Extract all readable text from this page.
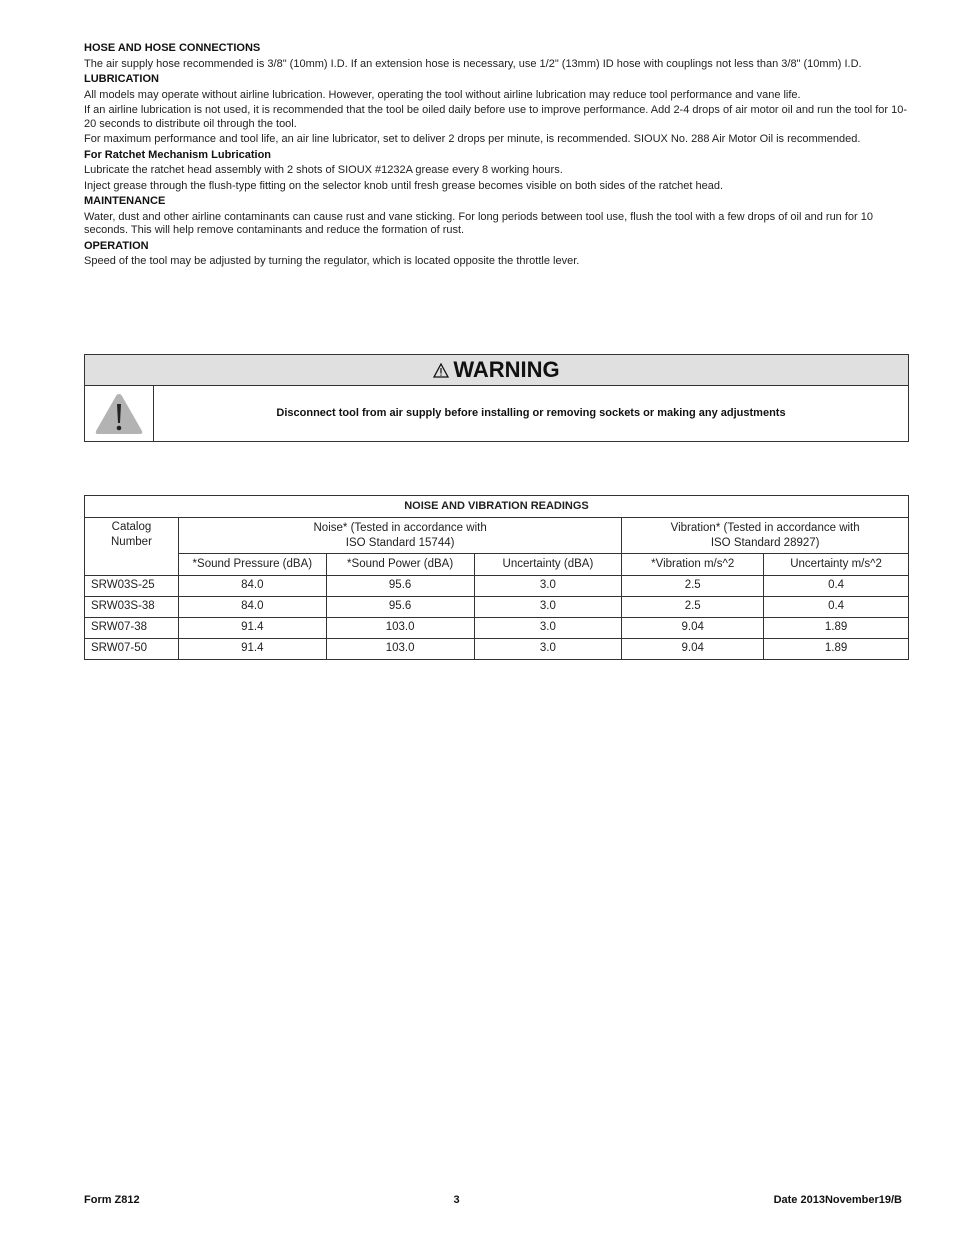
HOSE AND HOSE CONNECTIONS

The air supply hose recommended is 3/8" (10mm) I.D. If an extension hose is necessary, use 1/2" (13mm) ID hose with couplings not less than 3/8" (10mm) I.D.

LUBRICATION

All models may operate without airline lubrication. However, operating the tool without airline lubrication may reduce tool performance and vane life.

If an airline lubrication is not used, it is recommended that the tool be oiled daily before use to improve performance. Add 2-4 drops of air motor oil and run the tool for 10-20 seconds to distribute oil through the tool.

For maximum performance and tool life, an air line lubricator, set to deliver 2 drops per minute, is recommended. SIOUX No. 288 Air Motor Oil is recommended.

For Ratchet Mechanism Lubrication

Lubricate the ratchet head assembly with 2 shots of SIOUX #1232A grease every 8 working hours.

Inject grease through the flush-type fitting on the selector knob until fresh grease becomes visible on both sides of the ratchet head.

MAINTENANCE

Water, dust and other airline contaminants can cause rust and vane sticking. For long periods between tool use, flush the tool with a few drops of oil and run for 10 seconds. This will help remove contaminants and reduce the formation of rust.

OPERATION

Speed of the tool may be adjusted by turning the regulator, which is located opposite the throttle lever.

WARNING
Disconnect tool from air supply before installing or removing sockets or making any adjustments
NOISE AND VIBRATION READINGS					
Catalog
Number	Noise* (Tested in accordance with
ISO Standard 15744)			Vibration* (Tested in accordance with
ISO Standard 28927)	
	*Sound Pressure (dBA)	*Sound Power (dBA)	Uncertainty (dBA)	*Vibration m/s^2	Uncertainty m/s^2
SRW03S-25	84.0	95.6	3.0	2.5	0.4
SRW03S-38	84.0	95.6	3.0	2.5	0.4
SRW07-38	91.4	103.0	3.0	9.04	1.89
SRW07-50	91.4	103.0	3.0	9.04	1.89
Form Z812	3	Date 2013November19/B
